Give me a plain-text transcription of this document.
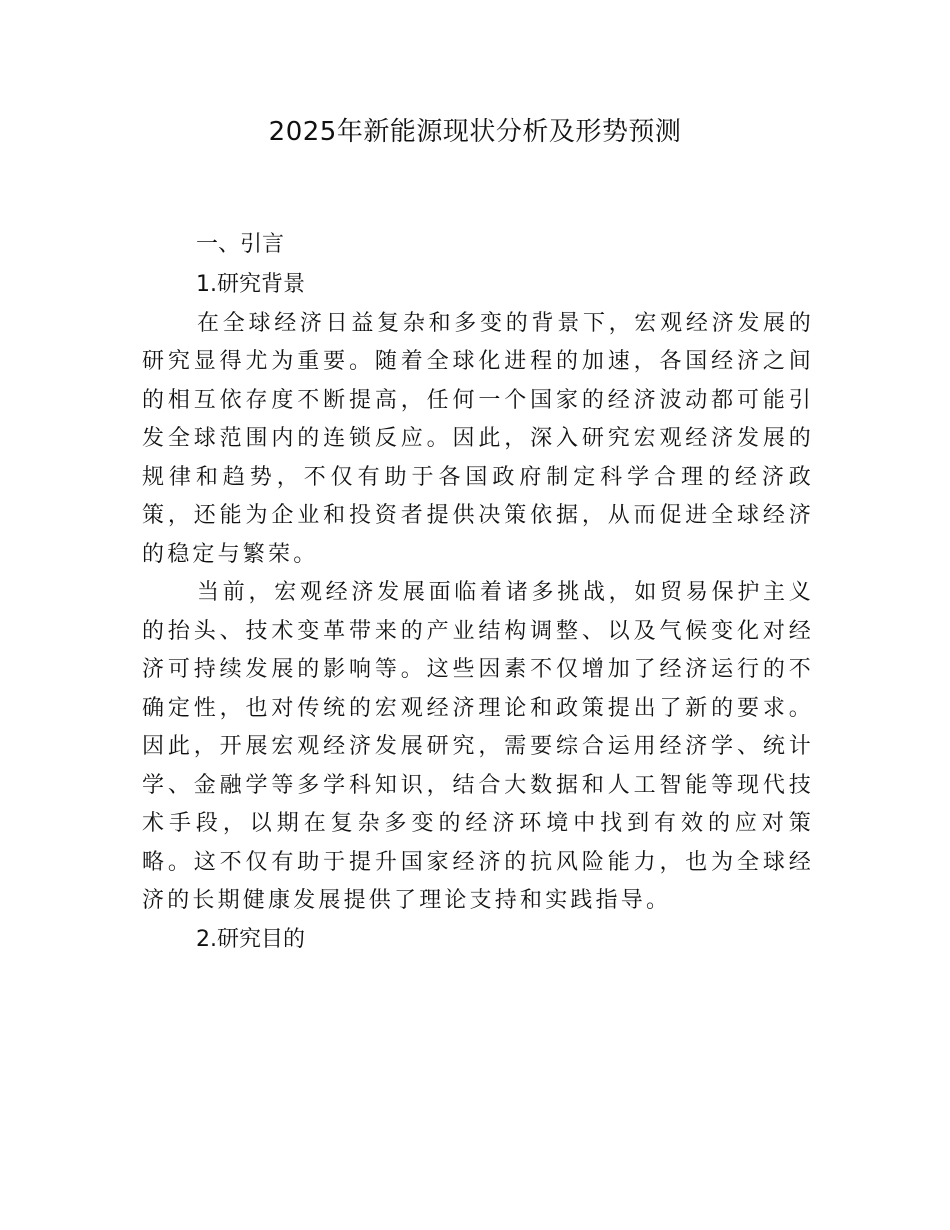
2025年新能源现状分析及形势预测

一、引言

1.研究背景

在全球经济日益复杂和多变的背景下，宏观经济发展的研究显得尤为重要。随着全球化进程的加速，各国经济之间的相互依存度不断提高，任何一个国家的经济波动都可能引发全球范围内的连锁反应。因此，深入研究宏观经济发展的规律和趋势，不仅有助于各国政府制定科学合理的经济政策，还能为企业和投资者提供决策依据，从而促进全球经济的稳定与繁荣。

当前，宏观经济发展面临着诸多挑战，如贸易保护主义的抬头、技术变革带来的产业结构调整、以及气候变化对经济可持续发展的影响等。这些因素不仅增加了经济运行的不确定性，也对传统的宏观经济理论和政策提出了新的要求。因此，开展宏观经济发展研究，需要综合运用经济学、统计学、金融学等多学科知识，结合大数据和人工智能等现代技术手段，以期在复杂多变的经济环境中找到有效的应对策略。这不仅有助于提升国家经济的抗风险能力，也为全球经济的长期健康发展提供了理论支持和实践指导。

2.研究目的
